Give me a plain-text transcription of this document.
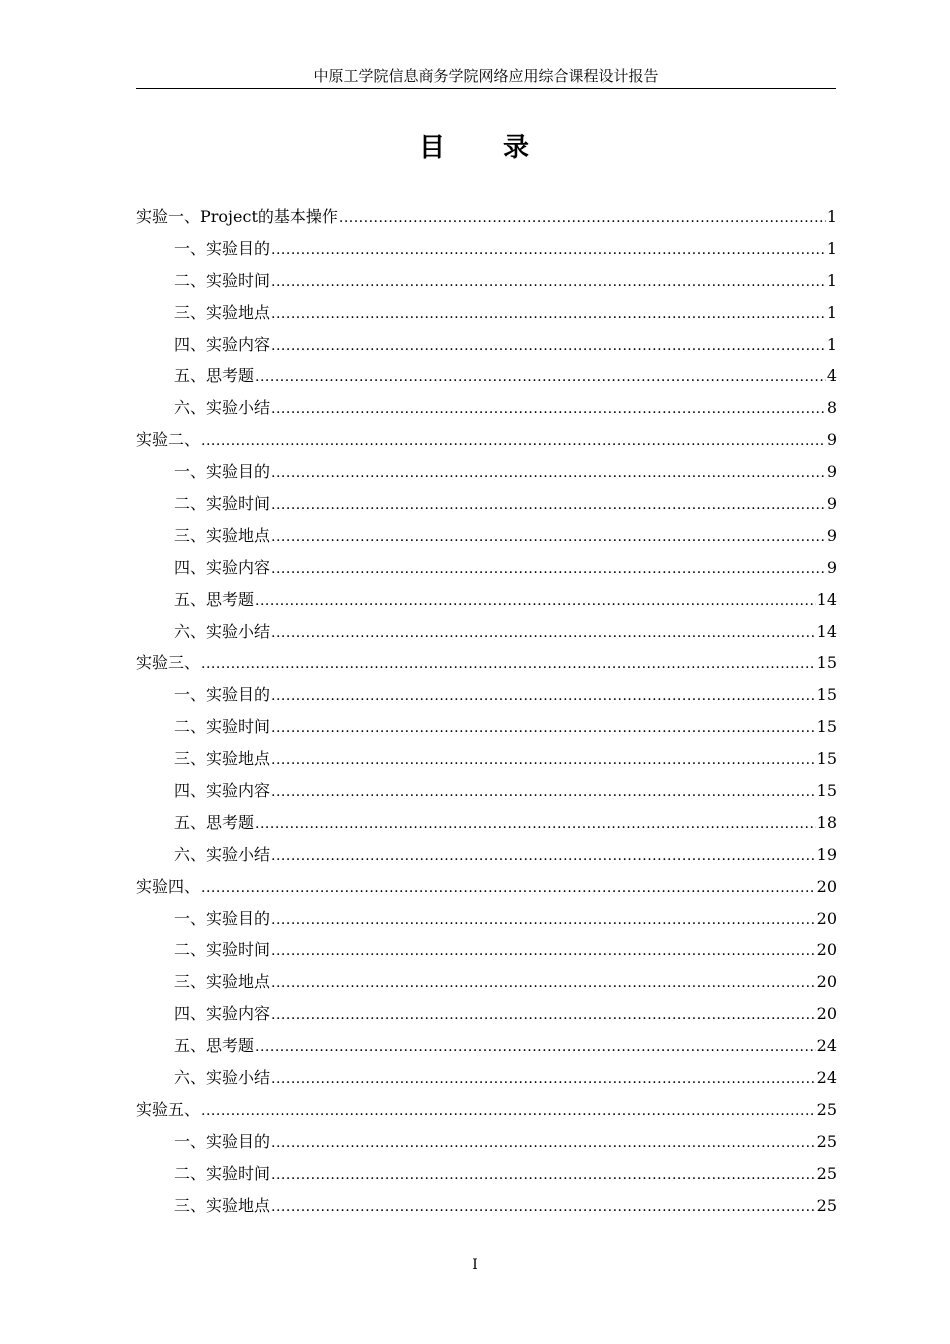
中原工学院信息商务学院网络应用综合课程设计报告
目　　录
实验一、Project的基本操作 .....	1
一、实验目的 .....	1
二、实验时间 .....	1
三、实验地点 .....	1
四、实验内容 .....	1
五、思考题 .....	4
六、实验小结 .....	8
实验二、 .....	9
一、实验目的 .....	9
二、实验时间 .....	9
三、实验地点 .....	9
四、实验内容 .....	9
五、思考题 .....	14
六、实验小结 .....	14
实验三、 .....	15
一、实验目的 .....	15
二、实验时间 .....	15
三、实验地点 .....	15
四、实验内容 .....	15
五、思考题 .....	18
六、实验小结 .....	19
实验四、 .....	20
一、实验目的 .....	20
二、实验时间 .....	20
三、实验地点 .....	20
四、实验内容 .....	20
五、思考题 .....	24
六、实验小结 .....	24
实验五、 .....	25
一、实验目的 .....	25
二、实验时间 .....	25
三、实验地点 .....	25
I
